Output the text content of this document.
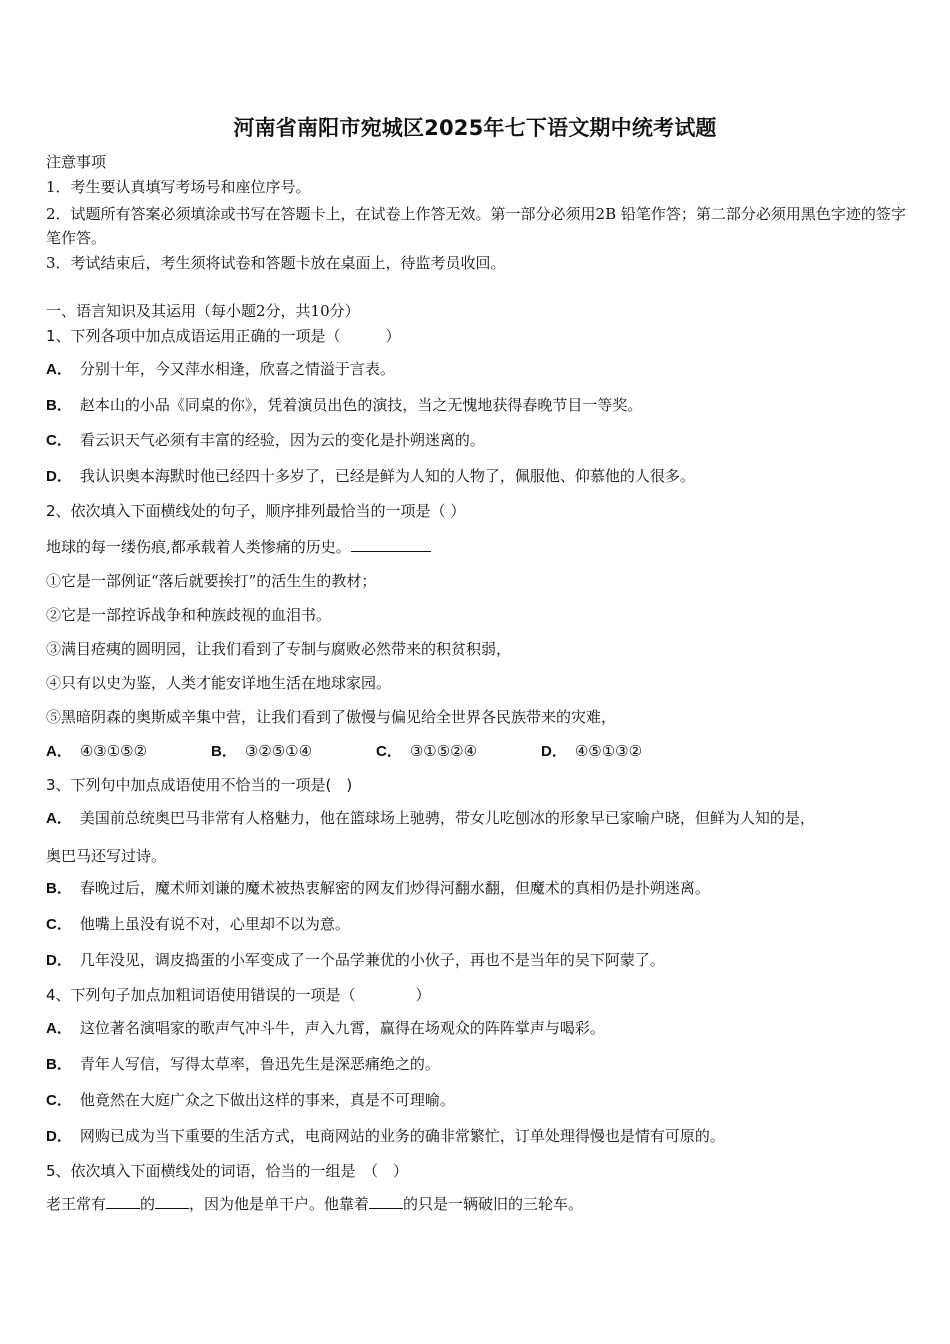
河南省南阳市宛城区2025年七下语文期中统考试题
注意事项
1．考生要认真填写考场号和座位序号。
2．试题所有答案必须填涂或书写在答题卡上，在试卷上作答无效。第一部分必须用2B 铅笔作答；第二部分必须用黑色字迹的签字笔作答。
3．考试结束后，考生须将试卷和答题卡放在桌面上，待监考员收回。
一、语言知识及其运用（每小题2分，共10分）
1、下列各项中加点成语运用正确的一项是（　　　）
A． 分别十年，今又萍水相逢，欣喜之情溢于言表。
B． 赵本山的小品《同桌的你》，凭着演员出色的演技，当之无愧地获得春晚节目一等奖。
C． 看云识天气必须有丰富的经验，因为云的变化是扑朔迷离的。
D． 我认识奥本海默时他已经四十多岁了，已经是鲜为人知的人物了，佩服他、仰慕他的人很多。
2、依次填入下面横线处的句子，顺序排列最恰当的一项是（ ）
地球的每一缕伤痕,都承载着人类惨痛的历史。
①它是一部例证“落后就要挨打”的活生生的教材；
②它是一部控诉战争和种族歧视的血泪书。
③满目疮痍的圆明园，让我们看到了专制与腐败必然带来的积贫积弱，
④只有以史为鉴，人类才能安详地生活在地球家园。
⑤黑暗阴森的奥斯威辛集中营，让我们看到了傲慢与偏见给全世界各民族带来的灾难，
A． ④③①⑤②	B． ③②⑤①④	C． ③①⑤②④	D． ④⑤①③②
3、下列句中加点成语使用不恰当的一项是(　)
A． 美国前总统奥巴马非常有人格魅力，他在篮球场上驰骋，带女儿吃刨冰的形象早已家喻户晓，但鲜为人知的是，
奥巴马还写过诗。
B． 春晚过后，魔术师刘谦的魔术被热衷解密的网友们炒得河翻水翻，但魔术的真相仍是扑朔迷离。
C． 他嘴上虽没有说不对，心里却不以为意。
D． 几年没见，调皮捣蛋的小军变成了一个品学兼优的小伙子，再也不是当年的吴下阿蒙了。
4、下列句子加点加粗词语使用错误的一项是（　　　　）
A． 这位著名演唱家的歌声气冲斗牛，声入九霄，赢得在场观众的阵阵掌声与喝彩。
B． 青年人写信，写得太草率，鲁迅先生是深恶痛绝之的。
C． 他竟然在大庭广众之下做出这样的事来，真是不可理喻。
D． 网购已成为当下重要的生活方式，电商网站的业务的确非常繁忙，订单处理得慢也是情有可原的。
5、依次填入下面横线处的词语，恰当的一组是　（　）
老王常有 的 ，因为他是单干户。他靠着 的只是一辆破旧的三轮车。
